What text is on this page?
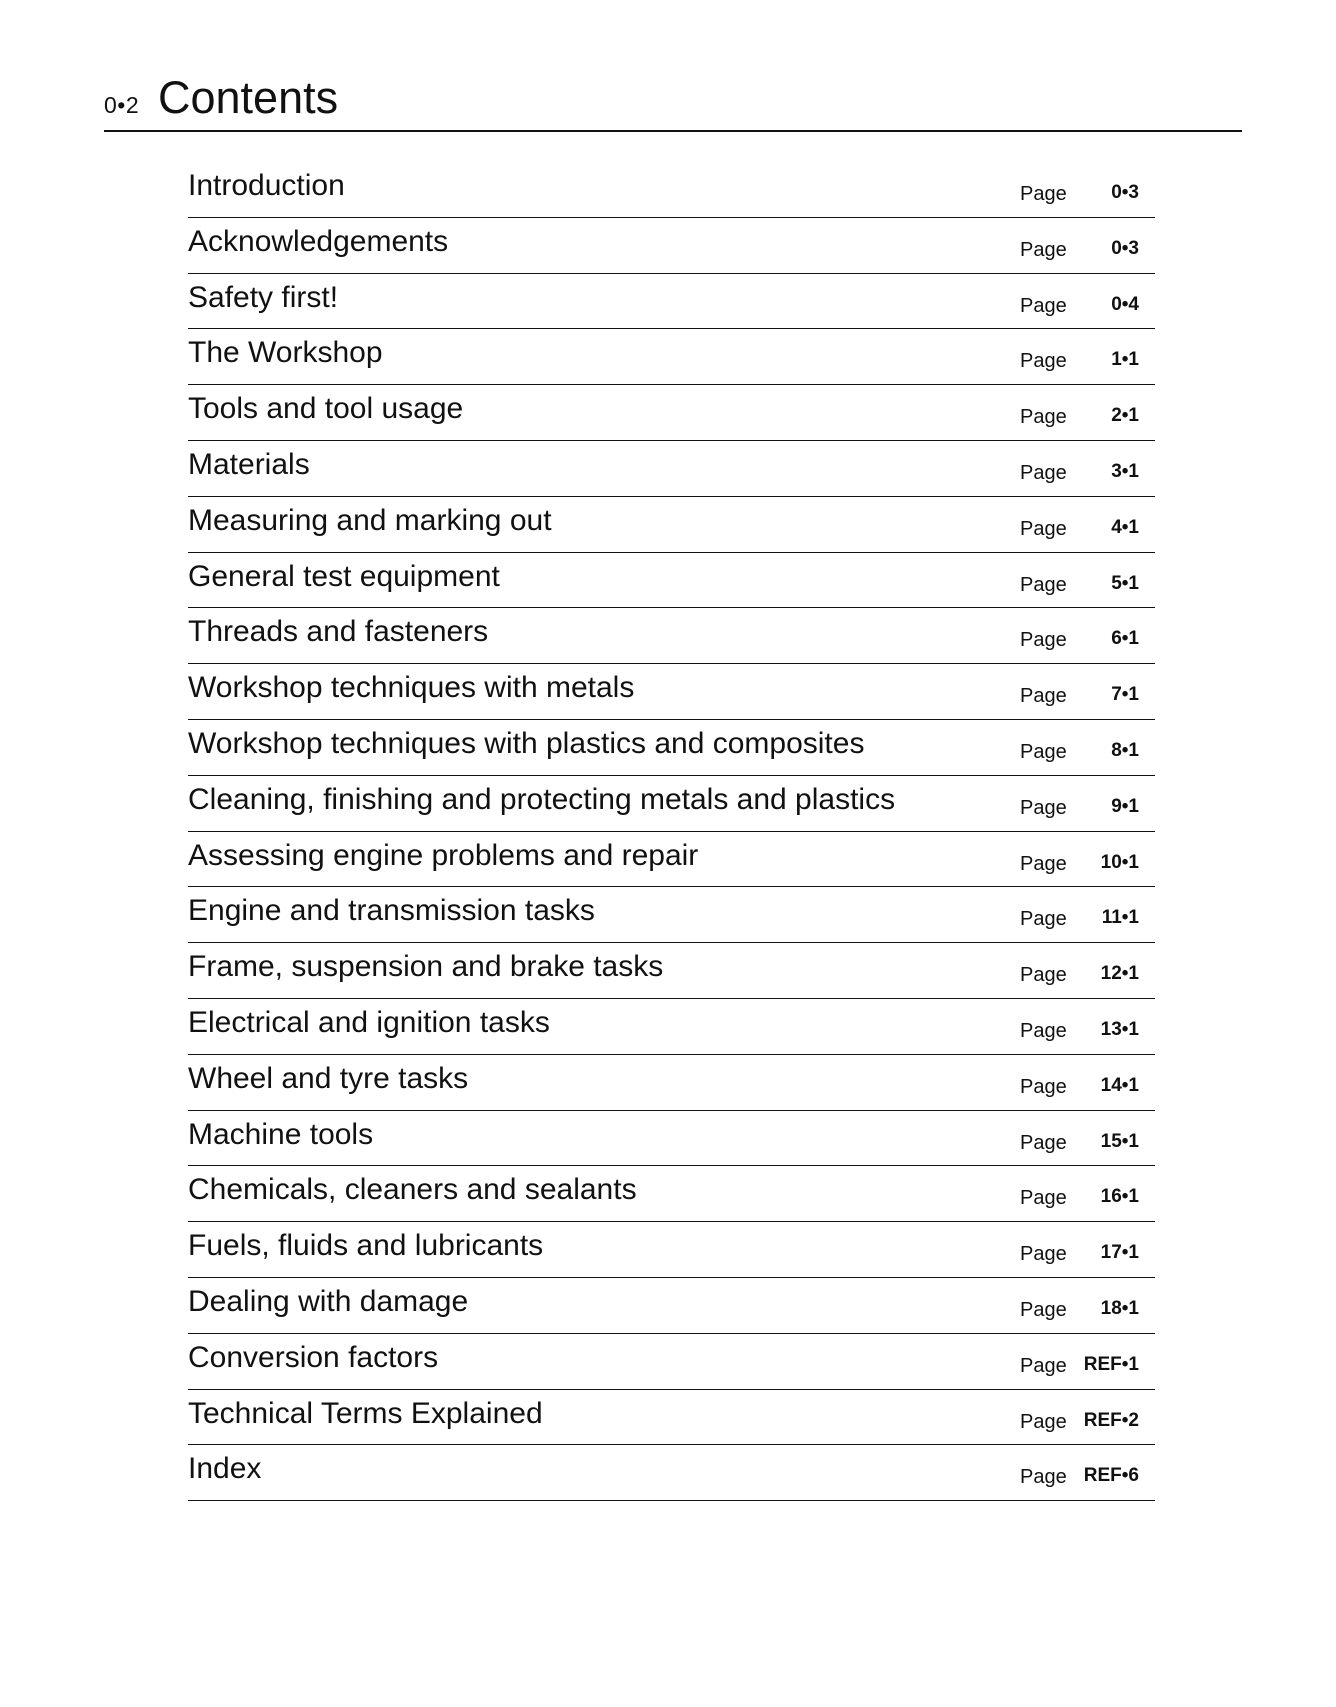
0•2 Contents
Introduction	Page 0•3
Acknowledgements	Page 0•3
Safety first!	Page 0•4
The Workshop	Page 1•1
Tools and tool usage	Page 2•1
Materials	Page 3•1
Measuring and marking out	Page 4•1
General test equipment	Page 5•1
Threads and fasteners	Page 6•1
Workshop techniques with metals	Page 7•1
Workshop techniques with plastics and composites	Page 8•1
Cleaning, finishing and protecting metals and plastics	Page 9•1
Assessing engine problems and repair	Page 10•1
Engine and transmission tasks	Page 11•1
Frame, suspension and brake tasks	Page 12•1
Electrical and ignition tasks	Page 13•1
Wheel and tyre tasks	Page 14•1
Machine tools	Page 15•1
Chemicals, cleaners and sealants	Page 16•1
Fuels, fluids and lubricants	Page 17•1
Dealing with damage	Page 18•1
Conversion factors	Page REF•1
Technical Terms Explained	Page REF•2
Index	Page REF•6
